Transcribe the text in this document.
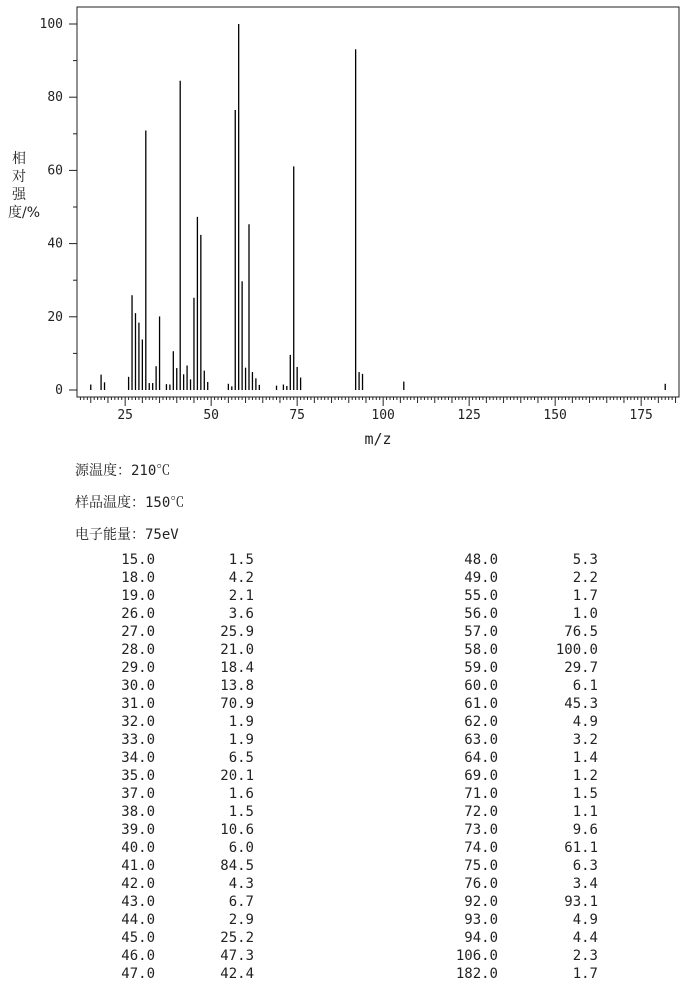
0
20
40
60
80
100
25	50	75	100	125	150	175
m/z
相对强度/%
源温度：210℃
样品温度：150℃
电子能量：75eV
15.0	1.5
18.0	4.2
19.0	2.1
26.0	3.6
27.0	25.9
28.0	21.0
29.0	18.4
30.0	13.8
31.0	70.9
32.0	1.9
33.0	1.9
34.0	6.5
35.0	20.1
37.0	1.6
38.0	1.5
39.0	10.6
40.0	6.0
41.0	84.5
42.0	4.3
43.0	6.7
44.0	2.9
45.0	25.2
46.0	47.3
47.0	42.4
48.0	5.3
49.0	2.2
55.0	1.7
56.0	1.0
57.0	76.5
58.0	100.0
59.0	29.7
60.0	6.1
61.0	45.3
62.0	4.9
63.0	3.2
64.0	1.4
69.0	1.2
71.0	1.5
72.0	1.1
73.0	9.6
74.0	61.1
75.0	6.3
76.0	3.4
92.0	93.1
93.0	4.9
94.0	4.4
106.0	2.3
182.0	1.7
